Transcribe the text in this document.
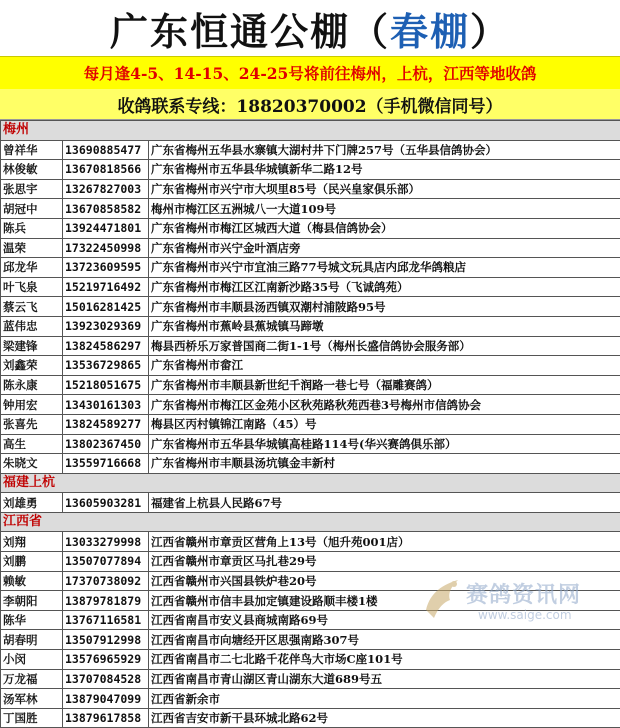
广东恒通公棚（ 春棚 ）
每月逢4-5、14-15、24-25号将前往梅州，上杭，江西等地收鸽
收鸽联系专线：18820370002（手机微信同号）
梅州		
曾祥华	13690885477	广东省梅州五华县水寨镇大湖村井下门牌257号（五华县信鸽协会）
林俊敏	13670818566	广东省梅州市五华县华城镇新华二路12号
张思宇	13267827003	广东省梅州市兴宁市大坝里85号（民兴皇家俱乐部）
胡冠中	13670858582	梅州市梅江区五洲城八一大道109号
陈兵	13924471801	广东省梅州市梅江区城西大道（梅县信鸽协会）
温荣	17322450998	广东省梅州市兴宁金叶酒店旁
邱龙华	13723609595	广东省梅州市兴宁市宜油三路77号城文玩具店内邱龙华鸽粮店
叶飞泉	15219716492	广东省梅州市梅江区江南新沙路35号（飞诚鸽苑）
蔡云飞	15016281425	广东省梅州市丰顺县汤西镇双潮村浦陂路95号
蓝伟忠	13923029369	广东省梅州市蕉岭县蕉城镇马蹄墩
梁建锋	13824586297	梅县西桥乐万家普国商二街1-1号（梅州长盛信鸽协会服务部）
刘鑫荣	13536729865	广东省梅州市畲江
陈永康	15218051675	广东省梅州市丰顺县新世纪千润路一巷七号（福雕赛鸽）
钟用宏	13430161303	广东省梅州市梅江区金苑小区秋苑路秋苑西巷3号梅州市信鸽协会
张喜先	13824589277	梅县区丙村镇锦江南路（45）号
高生	13802367450	广东省梅州市五华县华城镇高桂路114号(华兴赛鸽俱乐部）
朱晓文	13559716668	广东省梅州市丰顺县汤坑镇金丰新村
福建上杭		
刘雄勇	13605903281	福建省上杭县人民路67号
江西省		
刘翔	13033279998	江西省赣州市章贡区营角上13号（旭升苑001店）
刘鹏	13507077894	江西省赣州市章贡区马扎巷29号
赖敏	17370738092	江西省赣州市兴国县铁炉巷20号
李朝阳	13879781879	江西省赣州市信丰县加定镇建设路顺丰楼1楼
陈华	13767116581	江西省南昌市安义县商城南路69号
胡春明	13507912998	江西省南昌市向塘经开区思强南路307号
小闵	13576965929	江西省南昌市二七北路千花伴鸟大市场C座101号
万龙福	13707084528	江西省南昌市青山湖区青山湖东大道689号五
汤军林	13879047099	江西省新余市
丁国胜	13879617858	江西省吉安市新干县环城北路62号
赛鸽资讯网
www.saige.com
